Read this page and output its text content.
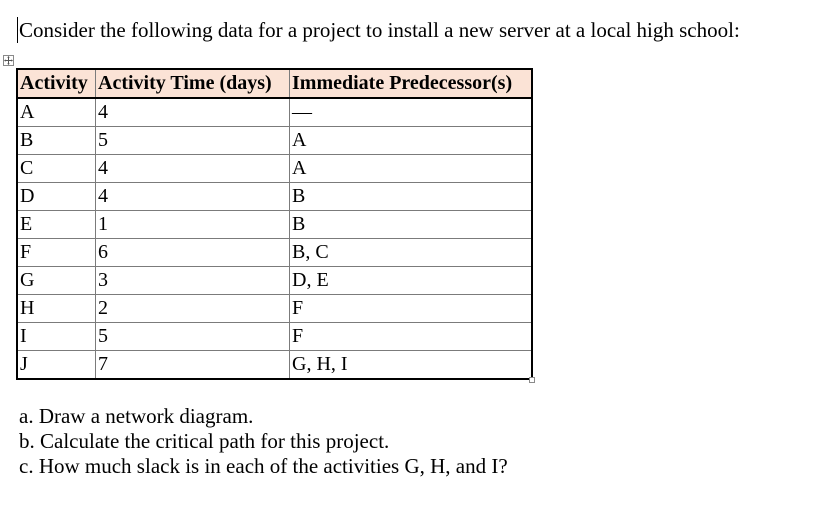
Consider the following data for a project to install a new server at a local high school:
Activity	Activity Time (days)	Immediate Predecessor(s)
A	4	—
B	5	A
C	4	A
D	4	B
E	1	B
F	6	B, C
G	3	D, E
H	2	F
I	5	F
J	7	G, H, I
a. Draw a network diagram.
b. Calculate the critical path for this project.
c. How much slack is in each of the activities G, H, and I?
